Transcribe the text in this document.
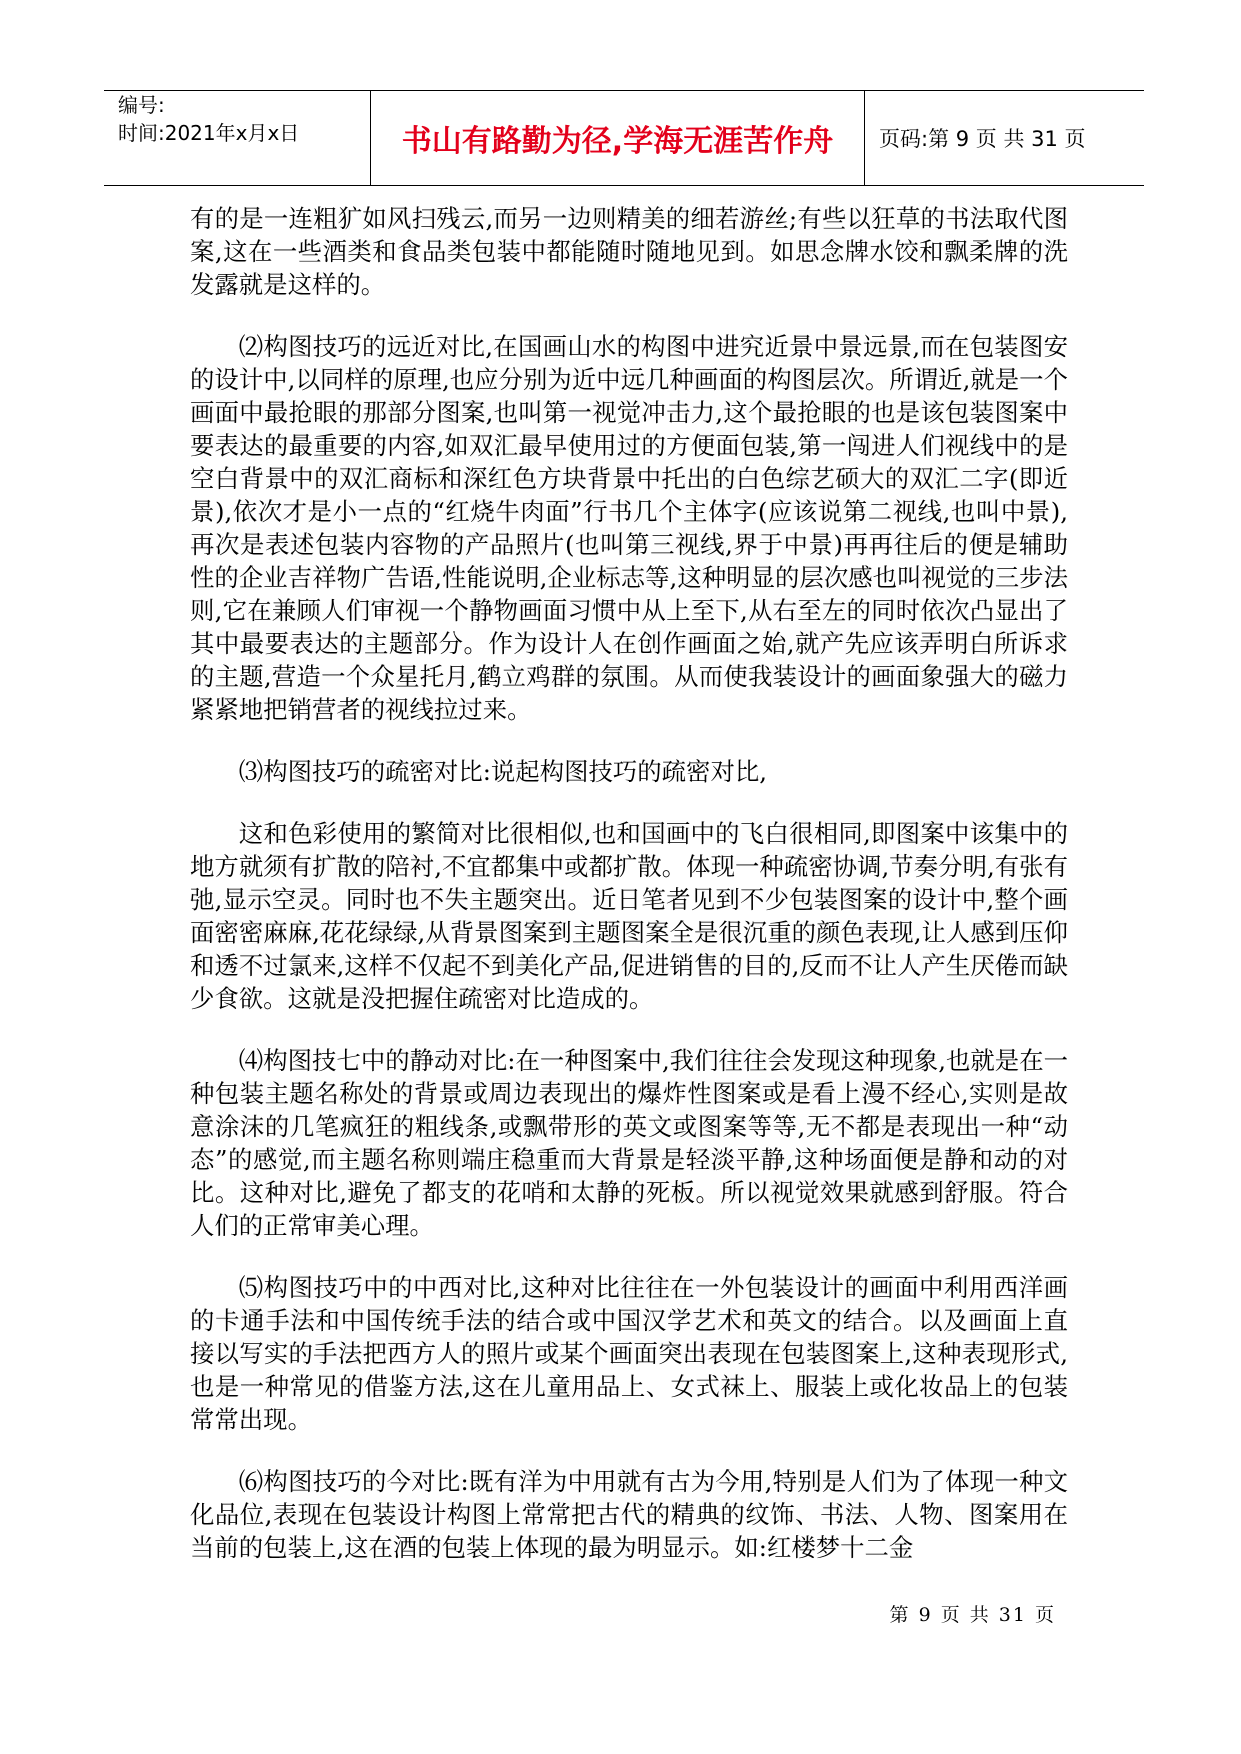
编号:
时间:2021年x月x日	书山有路勤为径,学海无涯苦作舟 页码:第 9 页 共 31 页

有的是一连粗犷如风扫残云,而另一边则精美的细若游丝;有些以狂草的书法取代图案,这在一些酒类和食品类包装中都能随时随地见到。如思念牌水饺和飘柔牌的洗发露就是这样的。

⑵构图技巧的远近对比,在国画山水的构图中进究近景中景远景,而在包装图安的设计中,以同样的原理,也应分别为近中远几种画面的构图层次。所谓近,就是一个画面中最抢眼的那部分图案,也叫第一视觉冲击力,这个最抢眼的也是该包装图案中要表达的最重要的内容,如双汇最早使用过的方便面包装,第一闯进人们视线中的是空白背景中的双汇商标和深红色方块背景中托出的白色综艺硕大的双汇二字(即近景),依次才是小一点的“红烧牛肉面”行书几个主体字(应该说第二视线,也叫中景),再次是表述包装内容物的产品照片(也叫第三视线,界于中景)再再往后的便是辅助性的企业吉祥物广告语,性能说明,企业标志等,这种明显的层次感也叫视觉的三步法则,它在兼顾人们审视一个静物画面习惯中从上至下,从右至左的同时依次凸显出了其中最要表达的主题部分。作为设计人在创作画面之始,就产先应该弄明白所诉求的主题,营造一个众星托月,鹤立鸡群的氛围。从而使我装设计的画面象强大的磁力紧紧地把销营者的视线拉过来。

⑶构图技巧的疏密对比:说起构图技巧的疏密对比,

这和色彩使用的繁简对比很相似,也和国画中的飞白很相同,即图案中该集中的地方就须有扩散的陪衬,不宜都集中或都扩散。体现一种疏密协调,节奏分明,有张有弛,显示空灵。同时也不失主题突出。近日笔者见到不少包装图案的设计中,整个画面密密麻麻,花花绿绿,从背景图案到主题图案全是很沉重的颜色表现,让人感到压仰和透不过氯来,这样不仅起不到美化产品,促进销售的目的,反而不让人产生厌倦而缺少食欲。这就是没把握住疏密对比造成的。

⑷构图技七中的静动对比:在一种图案中,我们往往会发现这种现象,也就是在一种包装主题名称处的背景或周边表现出的爆炸性图案或是看上漫不经心,实则是故意涂沫的几笔疯狂的粗线条,或飘带形的英文或图案等等,无不都是表现出一种“动态”的感觉,而主题名称则端庄稳重而大背景是轻淡平静,这种场面便是静和动的对比。这种对比,避免了都支的花哨和太静的死板。所以视觉效果就感到舒服。符合人们的正常审美心理。

⑸构图技巧中的中西对比,这种对比往往在一外包装设计的画面中利用西洋画的卡通手法和中国传统手法的结合或中国汉学艺术和英文的结合。以及画面上直接以写实的手法把西方人的照片或某个画面突出表现在包装图案上,这种表现形式,也是一种常见的借鉴方法,这在儿童用品上、女式袜上、服装上或化妆品上的包装常常出现。

⑹构图技巧的今对比:既有洋为中用就有古为今用,特别是人们为了体现一种文化品位,表现在包装设计构图上常常把古代的精典的纹饰、书法、人物、图案用在当前的包装上,这在酒的包装上体现的最为明显示。如:红楼梦十二金

第 9 页 共 31 页
